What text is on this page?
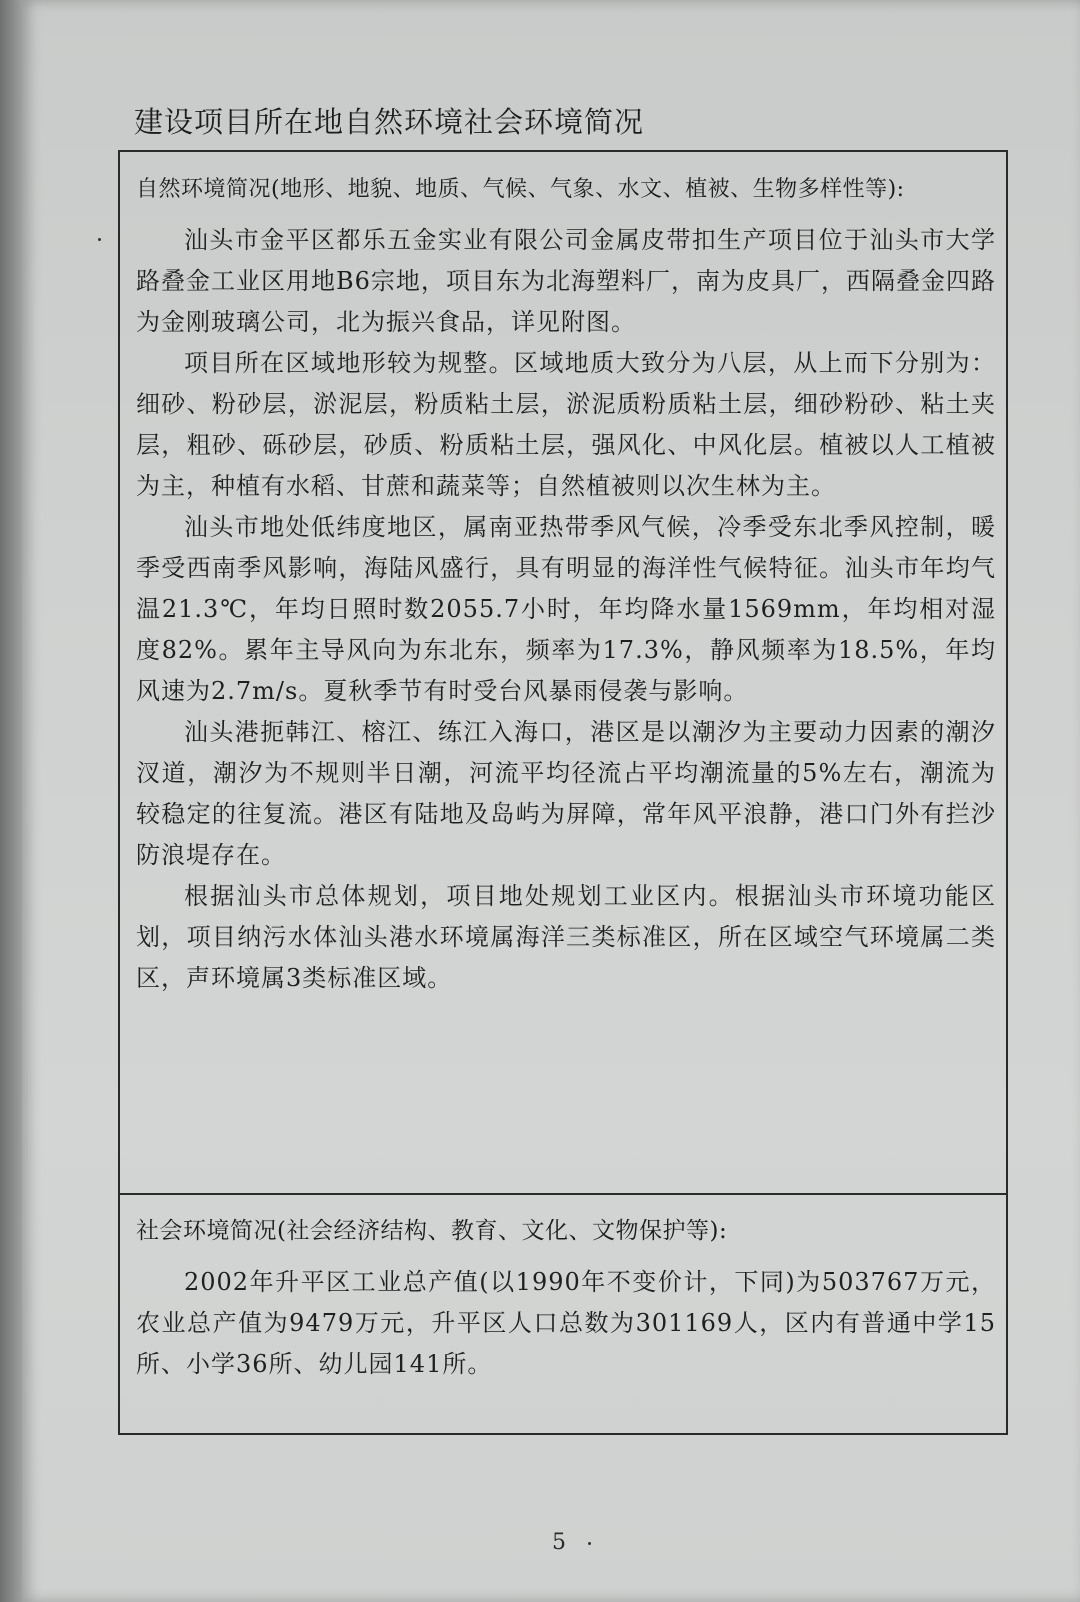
建设项目所在地自然环境社会环境简况
自然环境简况(地形、地貌、地质、气候、气象、水文、植被、生物多样性等):

汕头市金平区都乐五金实业有限公司金属皮带扣生产项目位于汕头市大学路叠金工业区用地B6宗地，项目东为北海塑料厂，南为皮具厂，西隔叠金四路为金刚玻璃公司，北为振兴食品，详见附图。

项目所在区域地形较为规整。区域地质大致分为八层，从上而下分别为：细砂、粉砂层，淤泥层，粉质粘土层，淤泥质粉质粘土层，细砂粉砂、粘土夹层，粗砂、砾砂层，砂质、粉质粘土层，强风化、中风化层。植被以人工植被为主，种植有水稻、甘蔗和蔬菜等；自然植被则以次生林为主。

汕头市地处低纬度地区，属南亚热带季风气候，冷季受东北季风控制，暖季受西南季风影响，海陆风盛行，具有明显的海洋性气候特征。汕头市年均气温21.3℃，年均日照时数2055.7小时，年均降水量1569mm，年均相对湿度82%。累年主导风向为东北东，频率为17.3%，静风频率为18.5%，年均风速为2.7m/s。夏秋季节有时受台风暴雨侵袭与影响。

汕头港扼韩江、榕江、练江入海口，港区是以潮汐为主要动力因素的潮汐汊道，潮汐为不规则半日潮，河流平均径流占平均潮流量的5%左右，潮流为较稳定的往复流。港区有陆地及岛屿为屏障，常年风平浪静，港口门外有拦沙防浪堤存在。

根据汕头市总体规划，项目地处规划工业区内。根据汕头市环境功能区划，项目纳污水体汕头港水环境属海洋三类标准区，所在区域空气环境属二类区，声环境属3类标准区域。

社会环境简况(社会经济结构、教育、文化、文物保护等):

2002年升平区工业总产值(以1990年不变价计，下同)为503767万元，农业总产值为9479万元，升平区人口总数为301169人，区内有普通中学15所、小学36所、幼儿园141所。

5
